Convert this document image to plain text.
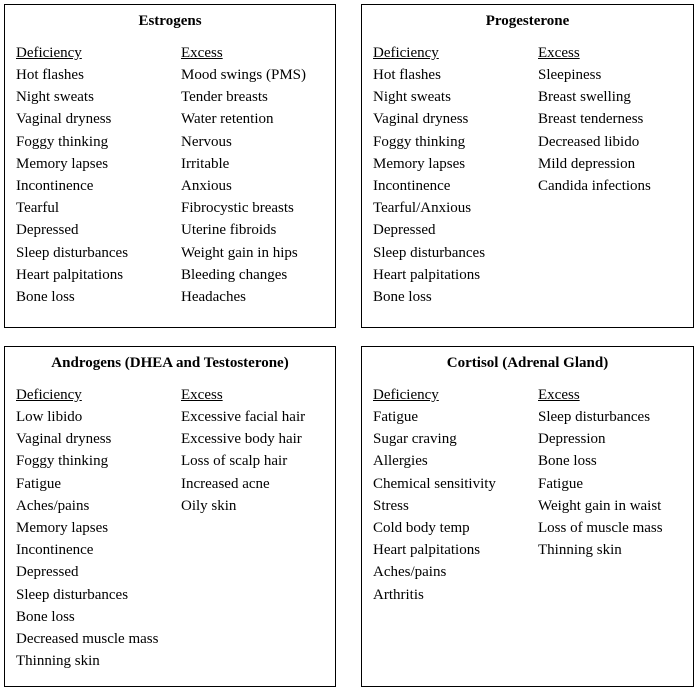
Estrogens
Deficiency
Hot flashes
Night sweats
Vaginal dryness
Foggy thinking
Memory lapses
Incontinence
Tearful
Depressed
Sleep disturbances
Heart palpitations
Bone loss
Excess
Mood swings (PMS)
Tender breasts
Water retention
Nervous
Irritable
Anxious
Fibrocystic breasts
Uterine fibroids
Weight gain in hips
Bleeding changes
Headaches
Progesterone
Deficiency
Hot flashes
Night sweats
Vaginal dryness
Foggy thinking
Memory lapses
Incontinence
Tearful/Anxious
Depressed
Sleep disturbances
Heart palpitations
Bone loss
Excess
Sleepiness
Breast swelling
Breast tenderness
Decreased libido
Mild depression
Candida infections
Androgens (DHEA and Testosterone)
Deficiency
Low libido
Vaginal dryness
Foggy thinking
Fatigue
Aches/pains
Memory lapses
Incontinence
Depressed
Sleep disturbances
Bone loss
Decreased muscle mass
Thinning skin
Excess
Excessive facial hair
Excessive body hair
Loss of scalp hair
Increased acne
Oily skin
Cortisol (Adrenal Gland)
Deficiency
Fatigue
Sugar craving
Allergies
Chemical sensitivity
Stress
Cold body temp
Heart palpitations
Aches/pains
Arthritis
Excess
Sleep disturbances
Depression
Bone loss
Fatigue
Weight gain in waist
Loss of muscle mass
Thinning skin
